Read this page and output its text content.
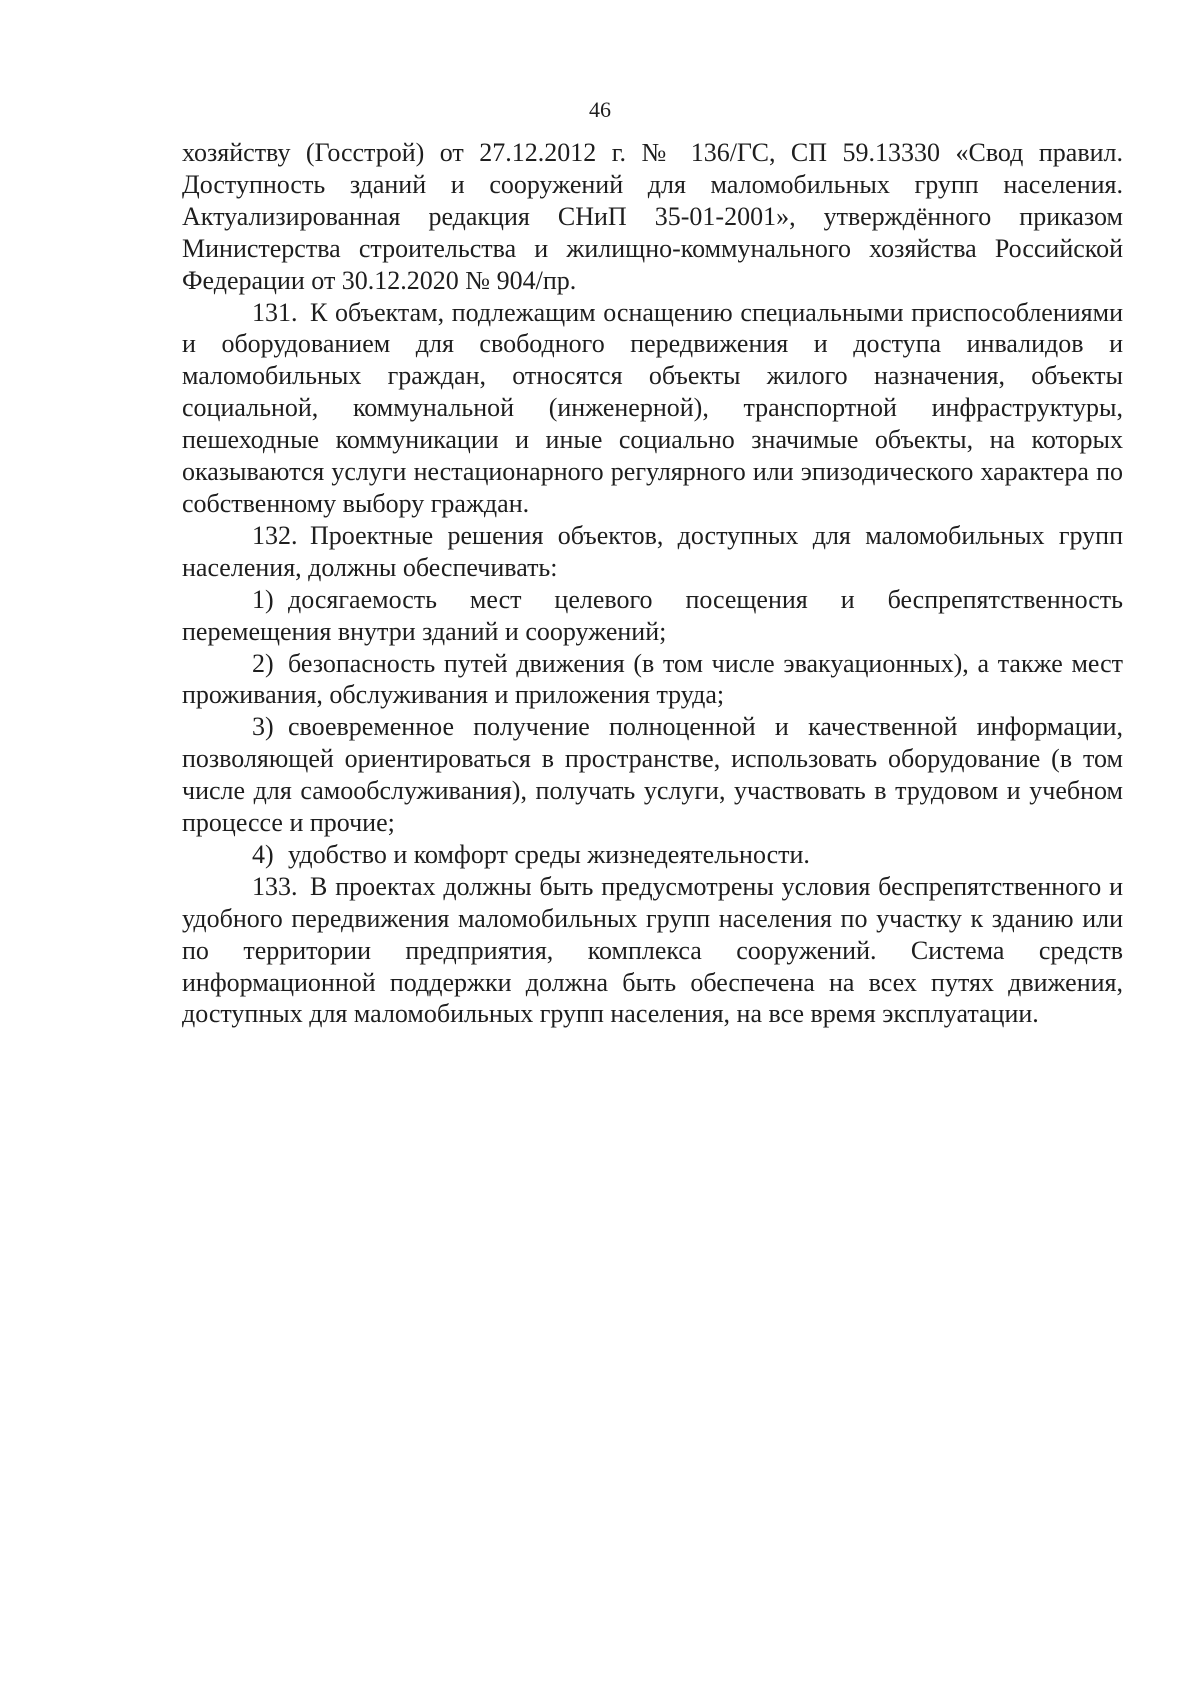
46

хозяйству (Госстрой) от 27.12.2012 г. № 136/ГС, СП 59.13330 «Свод правил. Доступность зданий и сооружений для маломобильных групп населения. Актуализированная редакция СНиП 35-01-2001», утверждённого приказом Министерства строительства и жилищно-коммунального хозяйства Российской Федерации от 30.12.2020 № 904/пр.

131. К объектам, подлежащим оснащению специальными приспособлениями и оборудованием для свободного передвижения и доступа инвалидов и маломобильных граждан, относятся объекты жилого назначения, объекты социальной, коммунальной (инженерной), транспортной инфраструктуры, пешеходные коммуникации и иные социально значимые объекты, на которых оказываются услуги нестационарного регулярного или эпизодического характера по собственному выбору граждан.

132. Проектные решения объектов, доступных для маломобильных групп населения, должны обеспечивать:

1) досягаемость мест целевого посещения и беспрепятственность перемещения внутри зданий и сооружений;

2) безопасность путей движения (в том числе эвакуационных), а также мест проживания, обслуживания и приложения труда;

3) своевременное получение полноценной и качественной информации, позволяющей ориентироваться в пространстве, использовать оборудование (в том числе для самообслуживания), получать услуги, участвовать в трудовом и учебном процессе и прочие;

4) удобство и комфорт среды жизнедеятельности.

133. В проектах должны быть предусмотрены условия беспрепятственного и удобного передвижения маломобильных групп населения по участку к зданию или по территории предприятия, комплекса сооружений. Система средств информационной поддержки должна быть обеспечена на всех путях движения, доступных для маломобильных групп населения, на все время эксплуатации.
